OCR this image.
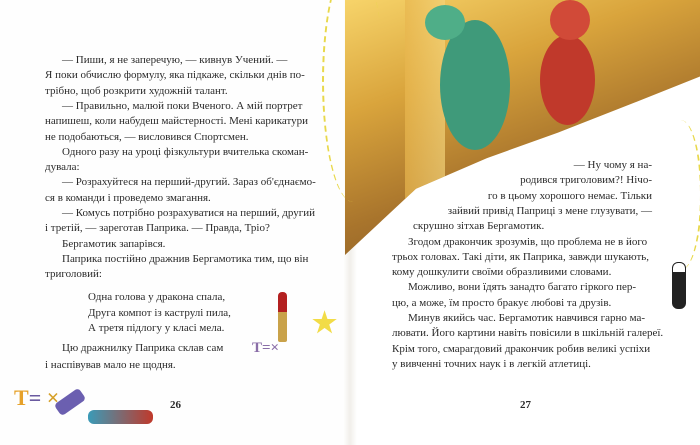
★
T=×
T= ×	26	27
— Пиши, я не заперечую, — кивнув Учений. —
Я поки обчислю формулу, яка підкаже, скільки днів по-
трібно, щоб розкрити художній талант.
— Правильно, малюй поки Вченого. А мій портрет
напишеш, коли набудеш майстерності. Мені карикатури
не подобаються, — висловився Спортсмен.
Одного разу на уроці фізкультури вчителька скоман-
дувала:
— Розрахуйтеся на перший-другий. Зараз об'єднаємо-
ся в команди і проведемо змагання.
— Комусь потрібно розрахуватися на перший, другий
і третій, — зареготав Паприка. — Правда, Тріо?
Бергамотик запарівся.
Паприка постійно дражнив Бергамотика тим, що він
триголовий:
Одна голова у дракона спала,
Друга компот із каструлі пила,
А третя підлогу у класі мела.
Цю дражнилку Паприка склав сам
і наспівував мало не щодня.
— Ну чому я на-
родився триголовим?! Нічо-
го в цьому хорошого немає. Тільки
зайвий привід Паприці з мене глузувати, —
скрушно зітхав Бергамотик.
Згодом дракончик зрозумів, що проблема не в його
трьох головах. Такі діти, як Паприка, завжди шукають,
кому дошкулити своїми образливими словами.
Можливо, вони їдять занадто багато гіркого пер-
цю, а може, їм просто бракує любові та друзів.
Минув якийсь час. Бергамотик навчився гарно ма-
лювати. Його картини навіть повісили в шкільній галереї.
Крім того, смарагдовий дракончик робив великі успіхи
у вивченні точних наук і в легкій атлетиці.
